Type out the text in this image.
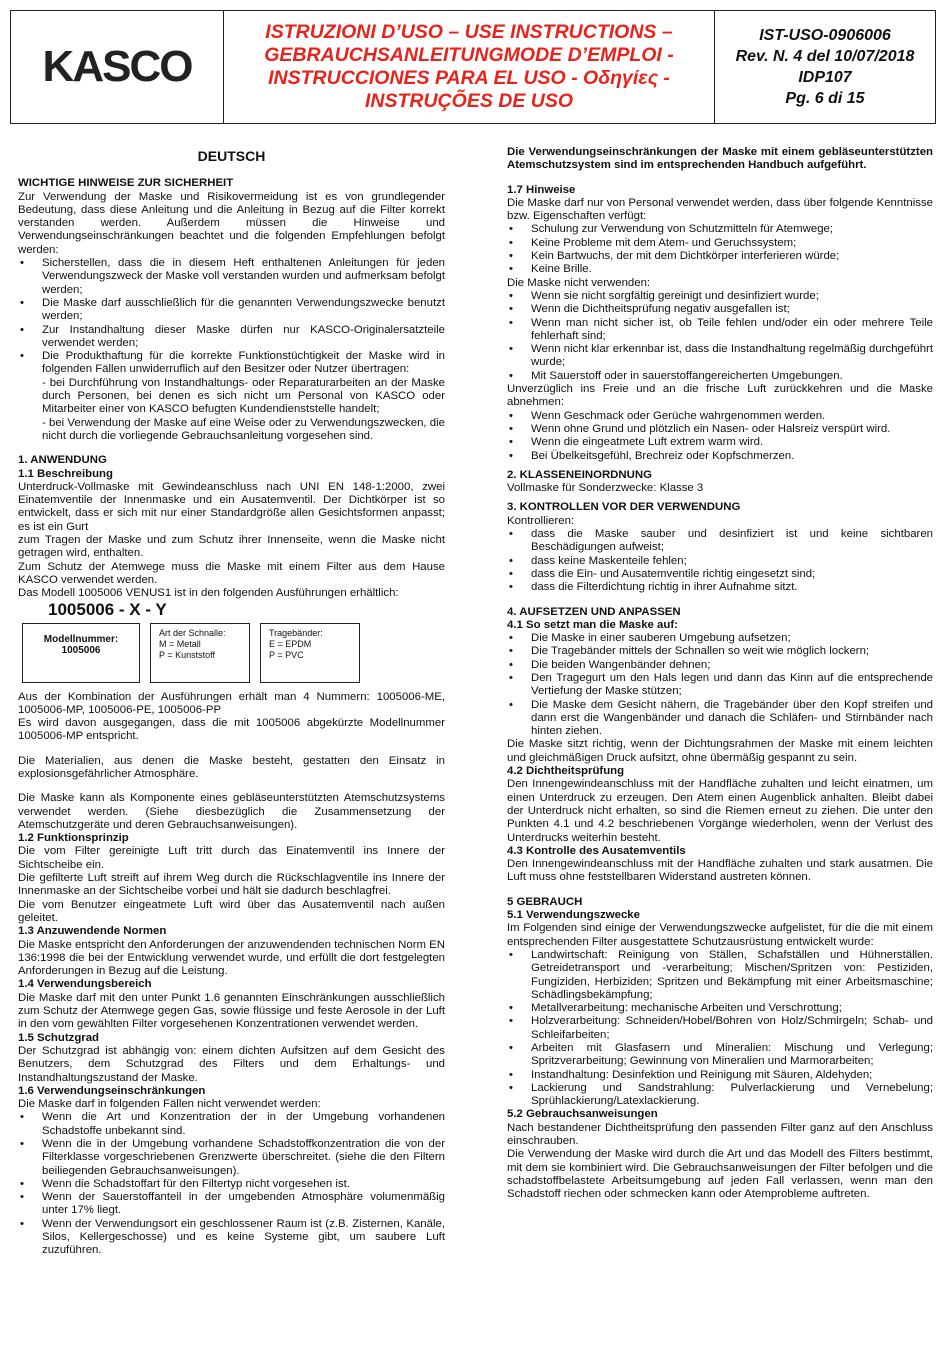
KASCO
ISTRUZIONI D’USO – USE INSTRUCTIONS –
GEBRAUCHSANLEITUNGMODE D’EMPLOI -
INSTRUCCIONES PARA EL USO - Οδηγίες -
INSTRUÇÕES DE USO
IST-USO-0906006
Rev. N. 4 del 10/07/2018
IDP107
Pg. 6 di 15

DEUTSCH

WICHTIGE HINWEISE ZUR SICHERHEIT

Zur Verwendung der Maske und Risikovermeidung ist es von grundlegender Bedeutung, dass diese Anleitung und die Anleitung in Bezug auf die Filter korrekt verstanden werden. Außerdem müssen die Hinweise und Verwendungseinschränkungen beachtet und die folgenden Empfehlungen befolgt werden:

• Sicherstellen, dass die in diesem Heft enthaltenen Anleitungen für jeden Verwendungszweck der Maske voll verstanden wurden und aufmerksam befolgt werden;
• Die Maske darf ausschließlich für die genannten Verwendungszwecke benutzt werden;
• Zur Instandhaltung dieser Maske dürfen nur KASCO-Originalersatzteile verwendet werden;
• Die Produkthaftung für die korrekte Funktionstüchtigkeit der Maske wird in folgenden Fällen unwiderruflich auf den Besitzer oder Nutzer übertragen:

- bei Durchführung von Instandhaltungs- oder Reparaturarbeiten an der Maske durch Personen, bei denen es sich nicht um Personal von KASCO oder Mitarbeiter einer von KASCO befugten Kundendienststelle handelt;

- bei Verwendung der Maske auf eine Weise oder zu Verwendungszwecken, die nicht durch die vorliegende Gebrauchsanleitung vorgesehen sind.

1. ANWENDUNG

1.1 Beschreibung

Unterdruck-Vollmaske mit Gewindeanschluss nach UNI EN 148-1:2000, zwei Einatemventile der Innenmaske und ein Ausatemventil. Der Dichtkörper ist so entwickelt, dass er sich mit nur einer Standardgröße allen Gesichtsformen anpasst; es ist ein Gurt

zum Tragen der Maske und zum Schutz ihrer Innenseite, wenn die Maske nicht getragen wird, enthalten.

Zum Schutz der Atemwege muss die Maske mit einem Filter aus dem Hause KASCO verwendet werden.

Das Modell 1005006 VENUS1 ist in den folgenden Ausführungen erhältlich:

1005006 - X - Y

Modellnummer:
1005006
Art der Schnalle:
M = Metall
P = Kunststoff
Tragebänder:
E = EPDM
P = PVC

Aus der Kombination der Ausführungen erhält man 4 Nummern: 1005006-ME, 1005006-MP, 1005006-PE, 1005006-PP

Es wird davon ausgegangen, dass die mit 1005006 abgekürzte Modellnummer 1005006-MP entspricht.

Die Materialien, aus denen die Maske besteht, gestatten den Einsatz in explosionsgefährlicher Atmosphäre.

Die Maske kann als Komponente eines gebläseunterstützten Atemschutzsystems verwendet werden. (Siehe diesbezüglich die Zusammensetzung der Atemschutzgeräte und deren Gebrauchsanweisungen).

1.2 Funktionsprinzip

Die vom Filter gereinigte Luft tritt durch das Einatemventil ins Innere der Sichtscheibe ein.

Die gefilterte Luft streift auf ihrem Weg durch die Rückschlagventile ins Innere der Innenmaske an der Sichtscheibe vorbei und hält sie dadurch beschlagfrei.

Die vom Benutzer eingeatmete Luft wird über das Ausatemventil nach außen geleitet.

1.3 Anzuwendende Normen

Die Maske entspricht den Anforderungen der anzuwendenden technischen Norm EN 136:1998 die bei der Entwicklung verwendet wurde, und erfüllt die dort festgelegten Anforderungen in Bezug auf die Leistung.

1.4 Verwendungsbereich

Die Maske darf mit den unter Punkt 1.6 genannten Einschränkungen ausschließlich zum Schutz der Atemwege gegen Gas, sowie flüssige und feste Aerosole in der Luft in den vom gewählten Filter vorgesehenen Konzentrationen verwendet werden.

1.5 Schutzgrad

Der Schutzgrad ist abhängig von: einem dichten Aufsitzen auf dem Gesicht des Benutzers, dem Schutzgrad des Filters und dem Erhaltungs- und Instandhaltungszustand der Maske.

1.6 Verwendungseinschränkungen

Die Maske darf in folgenden Fällen nicht verwendet werden:

• Wenn die Art und Konzentration der in der Umgebung vorhandenen Schadstoffe unbekannt sind.
• Wenn die in der Umgebung vorhandene Schadstoffkonzentration die von der Filterklasse vorgeschriebenen Grenzwerte überschreitet. (siehe die den Filtern beiliegenden Gebrauchsanweisungen).
• Wenn die Schadstoffart für den Filtertyp nicht vorgesehen ist.
• Wenn der Sauerstoffanteil in der umgebenden Atmosphäre volumenmäßig unter 17% liegt.
• Wenn der Verwendungsort ein geschlossener Raum ist (z.B. Zisternen, Kanäle, Silos, Kellergeschosse) und es keine Systeme gibt, um saubere Luft zuzuführen.

Die Verwendungseinschränkungen der Maske mit einem gebläseunterstützten Atemschutzsystem sind im entsprechenden Handbuch aufgeführt.

1.7 Hinweise

Die Maske darf nur von Personal verwendet werden, dass über folgende Kenntnisse bzw. Eigenschaften verfügt:

• Schulung zur Verwendung von Schutzmitteln für Atemwege;
• Keine Probleme mit dem Atem- und Geruchssystem;
• Kein Bartwuchs, der mit dem Dichtkörper interferieren würde;
• Keine Brille.

Die Maske nicht verwenden:

• Wenn sie nicht sorgfältig gereinigt und desinfiziert wurde;
• Wenn die Dichtheitsprüfung negativ ausgefallen ist;
• Wenn man nicht sicher ist, ob Teile fehlen und/oder ein oder mehrere Teile fehlerhaft sind;
• Wenn nicht klar erkennbar ist, dass die Instandhaltung regelmäßig durchgeführt wurde;
• Mit Sauerstoff oder in sauerstoffangereicherten Umgebungen.

Unverzüglich ins Freie und an die frische Luft zurückkehren und die Maske abnehmen:

• Wenn Geschmack oder Gerüche wahrgenommen werden.
• Wenn ohne Grund und plötzlich ein Nasen- oder Halsreiz verspürt wird.
• Wenn die eingeatmete Luft extrem warm wird.
• Bei Übelkeitsgefühl, Brechreiz oder Kopfschmerzen.

2. KLASSENEINORDNUNG

Vollmaske für Sonderzwecke: Klasse 3

3. KONTROLLEN VOR DER VERWENDUNG

Kontrollieren:

• dass die Maske sauber und desinfiziert ist und keine sichtbaren Beschädigungen aufweist;
• dass keine Maskenteile fehlen;
• dass die Ein- und Ausatemventile richtig eingesetzt sind;
• dass die Filterdichtung richtig in ihrer Aufnahme sitzt.

4. AUFSETZEN UND ANPASSEN

4.1 So setzt man die Maske auf:

• Die Maske in einer sauberen Umgebung aufsetzen;
• Die Tragebänder mittels der Schnallen so weit wie möglich lockern;
• Die beiden Wangenbänder dehnen;
• Den Tragegurt um den Hals legen und dann das Kinn auf die entsprechende Vertiefung der Maske stützen;
• Die Maske dem Gesicht nähern, die Tragebänder über den Kopf streifen und dann erst die Wangenbänder und danach die Schläfen- und Stirnbänder nach hinten ziehen.

Die Maske sitzt richtig, wenn der Dichtungsrahmen der Maske mit einem leichten und gleichmäßigen Druck aufsitzt, ohne übermäßig gespannt zu sein.

4.2 Dichtheitsprüfung

Den Innengewindeanschluss mit der Handfläche zuhalten und leicht einatmen, um einen Unterdruck zu erzeugen. Den Atem einen Augenblick anhalten. Bleibt dabei der Unterdruck nicht erhalten, so sind die Riemen erneut zu ziehen. Die unter den Punkten 4.1 und 4.2 beschriebenen Vorgänge wiederholen, wenn der Verlust des Unterdrucks weiterhin besteht.

4.3 Kontrolle des Ausatemventils

Den Innengewindeanschluss mit der Handfläche zuhalten und stark ausatmen. Die Luft muss ohne feststellbaren Widerstand austreten können.

5 GEBRAUCH

5.1 Verwendungszwecke

Im Folgenden sind einige der Verwendungszwecke aufgelistet, für die die mit einem entsprechenden Filter ausgestattete Schutzausrüstung entwickelt wurde:

• Landwirtschaft: Reinigung von Ställen, Schafställen und Hühnerställen. Getreidetransport und -verarbeitung; Mischen/Spritzen von: Pestiziden, Fungiziden, Herbiziden; Spritzen und Bekämpfung mit einer Arbeitsmaschine; Schädlingsbekämpfung;
• Metallverarbeitung: mechanische Arbeiten und Verschrottung;
• Holzverarbeitung: Schneiden/Hobel/Bohren von Holz/Schmirgeln; Schab- und Schleifarbeiten;
• Arbeiten mit Glasfasern und Mineralien: Mischung und Verlegung; Spritzverarbeitung; Gewinnung von Mineralien und Marmorarbeiten;
• Instandhaltung: Desinfektion und Reinigung mit Säuren, Aldehyden;
• Lackierung und Sandstrahlung: Pulverlackierung und Vernebelung; Sprühlackierung/Latexlackierung.

5.2 Gebrauchsanweisungen

Nach bestandener Dichtheitsprüfung den passenden Filter ganz auf den Anschluss einschrauben.

Die Verwendung der Maske wird durch die Art und das Modell des Filters bestimmt, mit dem sie kombiniert wird. Die Gebrauchsanweisungen der Filter befolgen und die schadstoffbelastete Arbeitsumgebung auf jeden Fall verlassen, wenn man den Schadstoff riechen oder schmecken kann oder Atemprobleme auftreten.
